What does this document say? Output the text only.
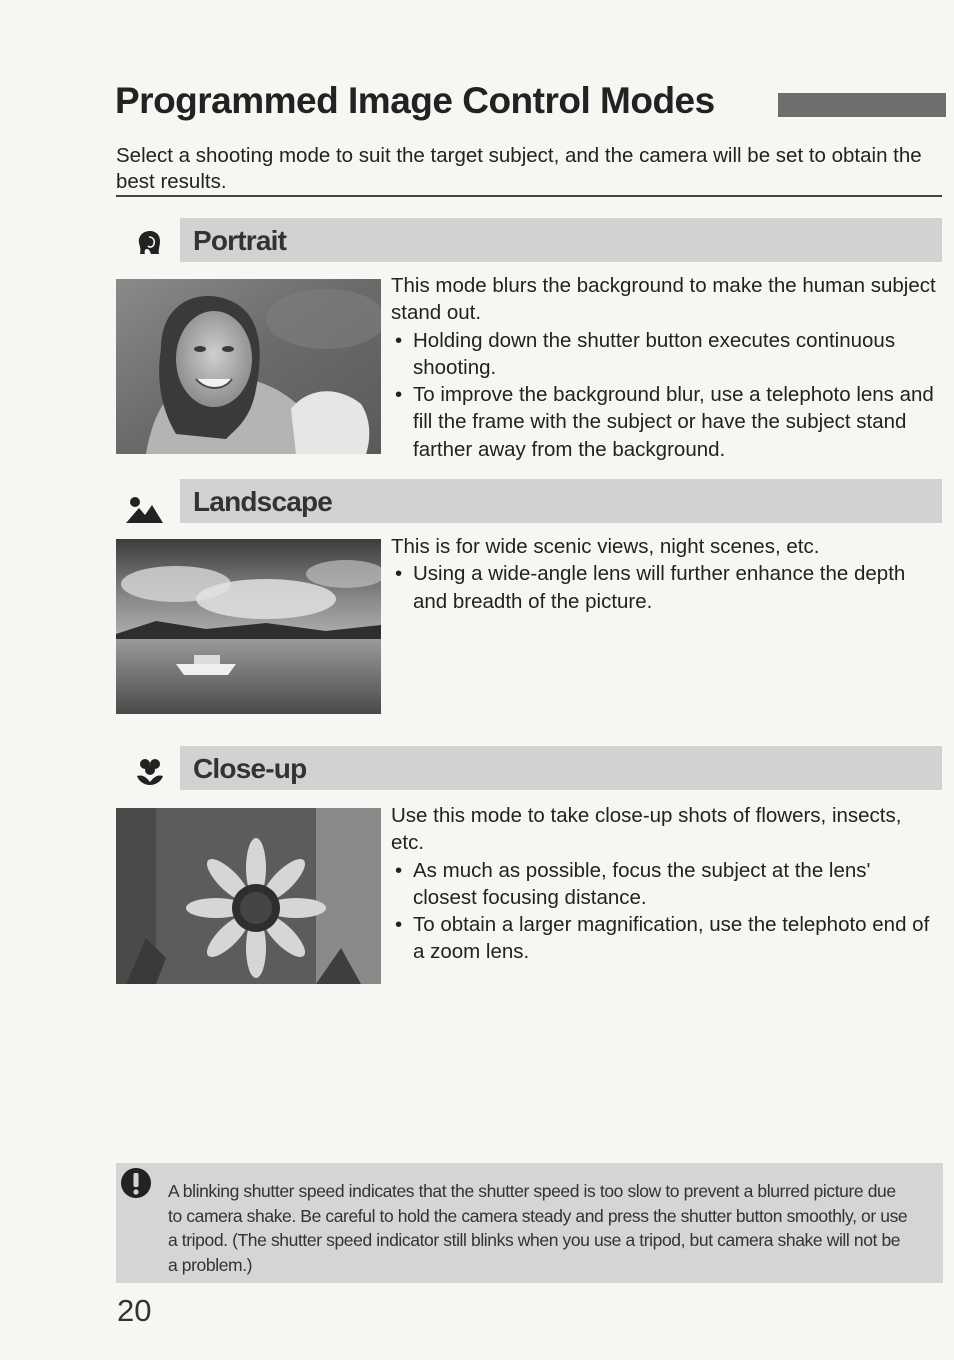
Programmed Image Control Modes
Select a shooting mode to suit the target subject, and the camera will be set to obtain the best results.
Portrait

This mode blurs the background to make the human subject stand out.

• Holding down the shutter button executes continuous shooting.
• To improve the background blur, use a telephoto lens and fill the frame with the subject or have the subject stand farther away from the background.
Landscape

This is for wide scenic views, night scenes, etc.

• Using a wide-angle lens will further enhance the depth and breadth of the picture.
Close-up

Use this mode to take close-up shots of flowers, insects, etc.

• As much as possible, focus the subject at the lens' closest focusing distance.
• To obtain a larger magnification, use the telephoto end of a zoom lens.
A blinking shutter speed indicates that the shutter speed is too slow to prevent a blurred picture due to camera shake. Be careful to hold the camera steady and press the shutter button smoothly, or use a tripod. (The shutter speed indicator still blinks when you use a tripod, but camera shake will not be a problem.)
20
